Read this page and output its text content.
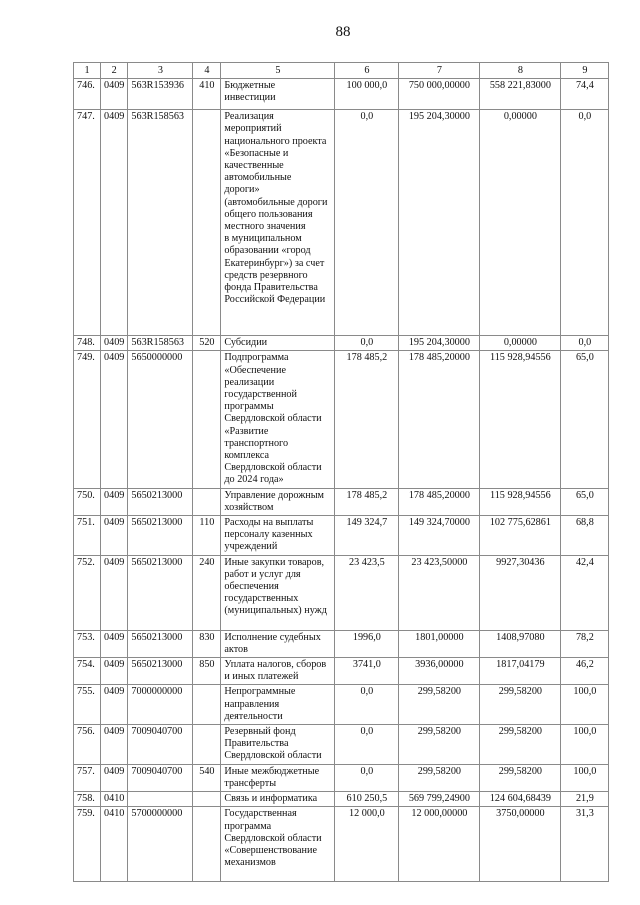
88
1	2	3	4	5	6	7	8	9
746.	0409	563R153936	410	Бюджетные
инвестиции	100 000,0	750 000,00000	558 221,83000	74,4
747.	0409	563R158563		Реализация
мероприятий
национального проекта
«Безопасные и
качественные
автомобильные
дороги»
(автомобильные дороги
общего пользования
местного значения
в муниципальном
образовании «город
Екатеринбург») за счет
средств резервного
фонда Правительства
Российской Федерации
	0,0	195 204,30000	0,00000	0,0
748.	0409	563R158563	520	Субсидии	0,0	195 204,30000	0,00000	0,0
749.	0409	5650000000		Подпрограмма
«Обеспечение
реализации
государственной
программы
Свердловской области
«Развитие
транспортного
комплекса
Свердловской области
до 2024 года»
	178 485,2	178 485,20000	115 928,94556	65,0
750.	0409	5650213000		Управление дорожным
хозяйством	178 485,2	178 485,20000	115 928,94556	65,0
751.	0409	5650213000	110	Расходы на выплаты
персоналу казенных
учреждений	149 324,7	149 324,70000	102 775,62861	68,8
752.	0409	5650213000	240	Иные закупки товаров,
работ и услуг для
обеспечения
государственных
(муниципальных) нужд	23 423,5	23 423,50000	9927,30436	42,4
753.	0409	5650213000	830	Исполнение судебных
актов	1996,0	1801,00000	1408,97080	78,2
754.	0409	5650213000	850	Уплата налогов, сборов
и иных платежей	3741,0	3936,00000	1817,04179	46,2
755.	0409	7000000000		Непрограммные
направления
деятельности	0,0	299,58200	299,58200	100,0
756.	0409	7009040700		Резервный фонд
Правительства
Свердловской области	0,0	299,58200	299,58200	100,0
757.	0409	7009040700	540	Иные межбюджетные
трансферты	0,0	299,58200	299,58200	100,0
758.	0410			Связь и информатика	610 250,5	569 799,24900	124 604,68439	21,9
759.	0410	5700000000		Государственная
программа
Свердловской области
«Совершенствование
механизмов	12 000,0	12 000,00000	3750,00000	31,3
